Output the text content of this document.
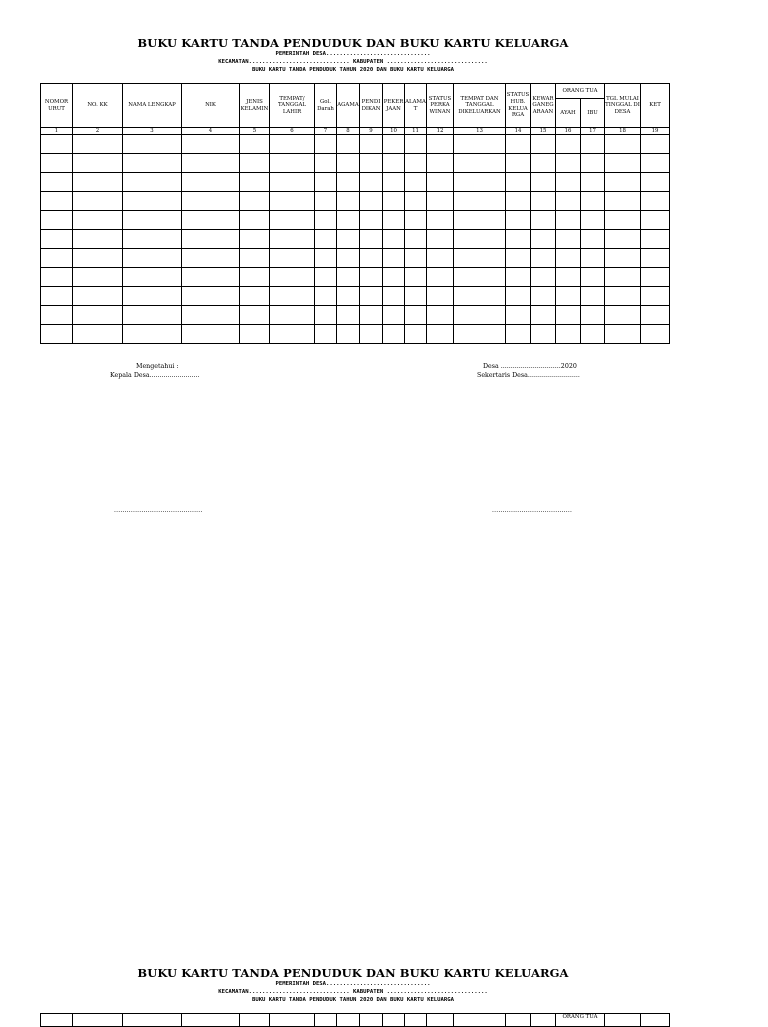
BUKU KARTU TANDA PENDUDUK DAN BUKU KARTU KELUARGA
PEMERINTAH DESA...............................
KECAMATAN.............................. KABUPATEN ..............................
BUKU KARTU TANDA PENDUDUK TAHUN 2020 DAN BUKU KARTU KELUARGA
NOMOR URUT	NO. KK	NAMA LENGKAP	NIK	JENIS KELAMIN	TEMPAT/ TANGGAL LAHIR	Gol. Darah	AGAMA	PENDI DIKAN	PEKER JAAN	ALAMA T	STATUS PERKA WINAN	TEMPAT DAN TANGGAL DIKELUARKAN	STATUS HUB. KELUA RGA	KEWAR GANEG ARAAN	ORANG TUA		TGL MULAI TINGGAL DI DESA	KET
															AYAH	IBU		
1	2	3	4	5	6	7	8	9	10	11	12	13	14	15	16	17	18	19

Mengetahui :
Kepala Desa.........................
Desa ..............................2020
Sekertaris Desa..........................
..........................................	......................................
BUKU KARTU TANDA PENDUDUK DAN BUKU KARTU KELUARGA
PEMERINTAH DESA...............................
KECAMATAN.............................. KABUPATEN ..............................
BUKU KARTU TANDA PENDUDUK TAHUN 2020 DAN BUKU KARTU KELUARGA
															ORANG TUA		
